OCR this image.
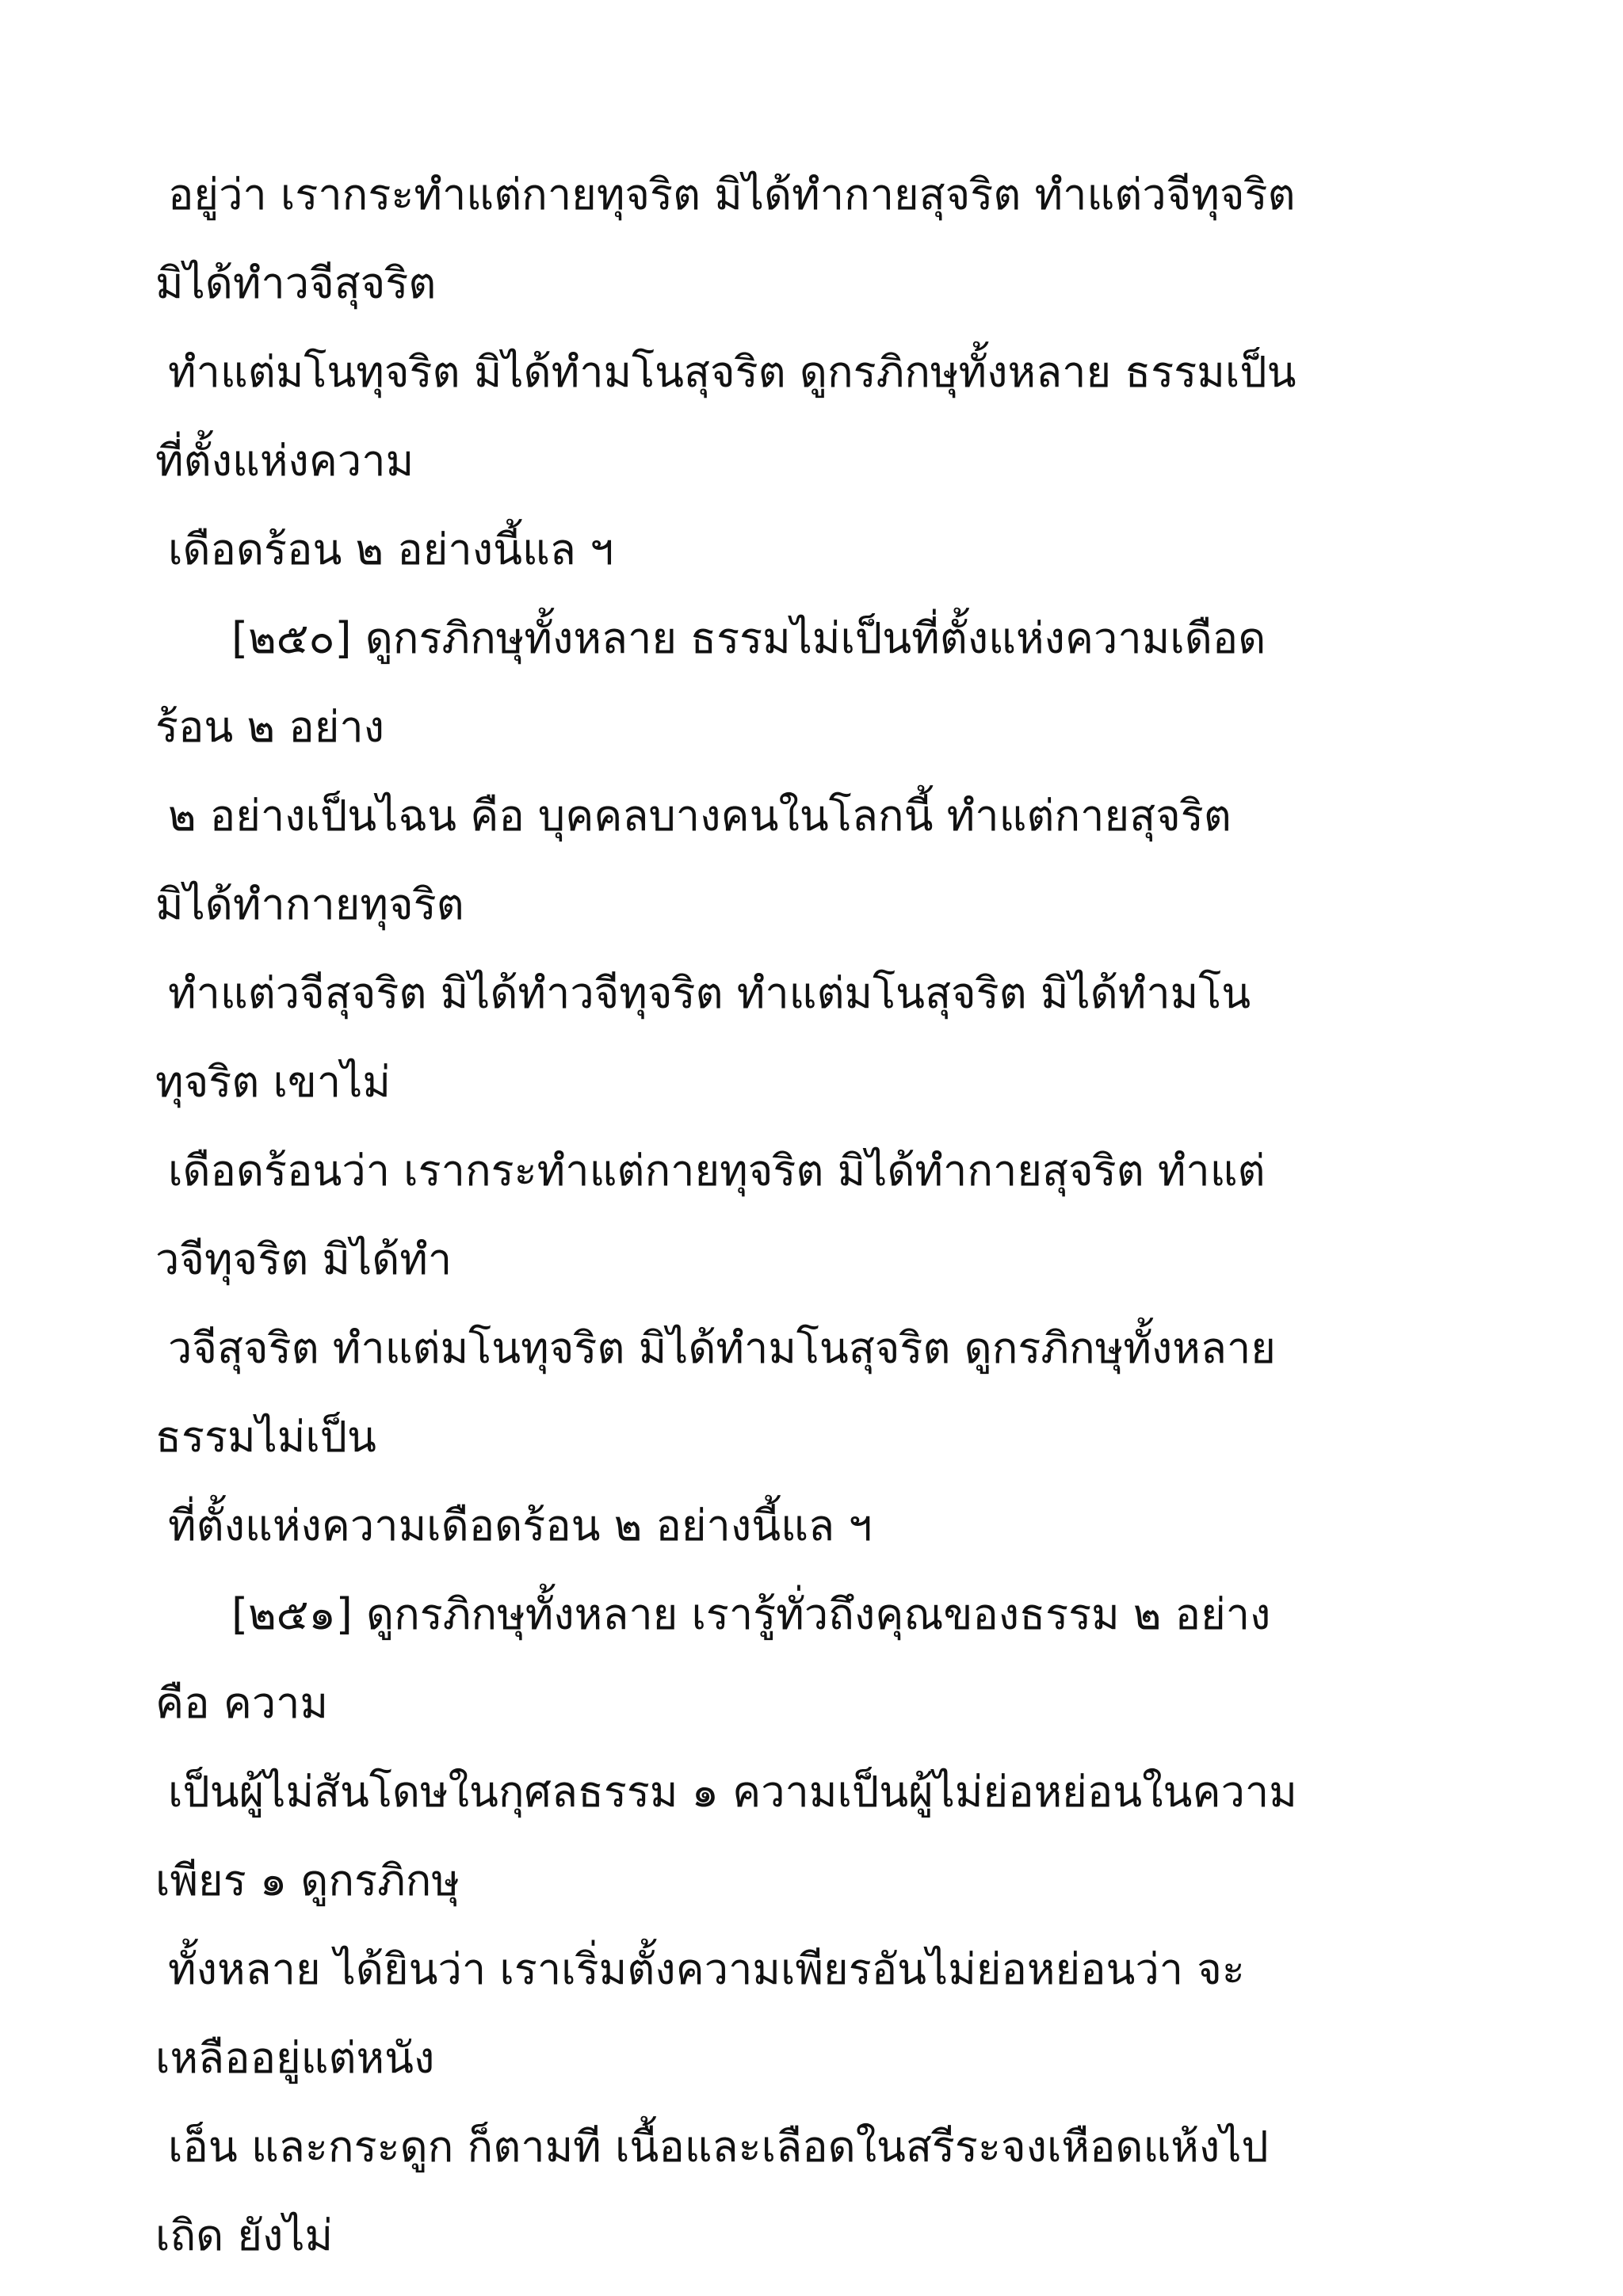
อยู่ว่า เรากระทำแต่กายทุจริต มิได้ทำกายสุจริต ทำแต่วจีทุจริต
มิได้ทำวจีสุจริต
ทำแต่มโนทุจริต มิได้ทำมโนสุจริต ดูกรภิกษุทั้งหลาย ธรรมเป็น
ที่ตั้งแห่งความ
เดือดร้อน ๒ อย่างนี้แล ฯ
[๒๕๐] ดูกรภิกษุทั้งหลาย ธรรมไม่เป็นที่ตั้งแห่งความเดือด
ร้อน ๒ อย่าง
๒ อย่างเป็นไฉน คือ บุคคลบางคนในโลกนี้ ทำแต่กายสุจริต
มิได้ทำกายทุจริต
ทำแต่วจีสุจริต มิได้ทำวจีทุจริต ทำแต่มโนสุจริต มิได้ทำมโน
ทุจริต เขาไม่
เดือดร้อนว่า เรากระทำแต่กายทุจริต มิได้ทำกายสุจริต ทำแต่
วจีทุจริต มิได้ทำ
วจีสุจริต ทำแต่มโนทุจริต มิได้ทำมโนสุจริต ดูกรภิกษุทั้งหลาย
ธรรมไม่เป็น
ที่ตั้งแห่งความเดือดร้อน ๒ อย่างนี้แล ฯ
[๒๕๑] ดูกรภิกษุทั้งหลาย เรารู้ทั่วถึงคุณของธรรม ๒ อย่าง
คือ ความ
เป็นผู้ไม่สันโดษในกุศลธรรม ๑ ความเป็นผู้ไม่ย่อหย่อนในความ
เพียร ๑ ดูกรภิกษุ
ทั้งหลาย ได้ยินว่า เราเริ่มตั้งความเพียรอันไม่ย่อหย่อนว่า จะ
เหลืออยู่แต่หนัง
เอ็น และกระดูก ก็ตามที เนื้อและเลือดในสรีระจงเหือดแห้งไป
เถิด ยังไม่
